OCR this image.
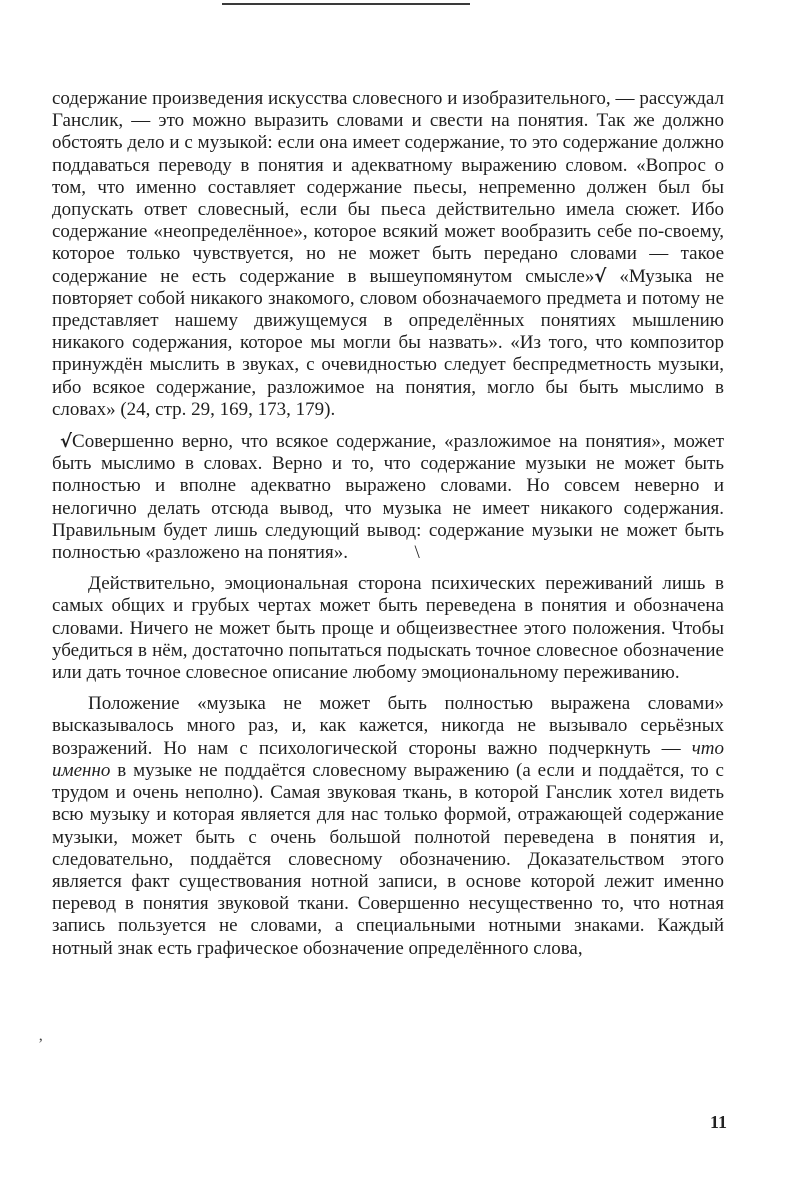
содержание произведения искусства словесного и изобразительного, — рассуждал Ганслик, — это можно выразить словами и свести на понятия. Так же должно обстоять дело и с музыкой: если она имеет содержание, то это содержание должно поддаваться переводу в понятия и адекватному выражению словом. «Вопрос о том, что именно составляет содержание пьесы, непременно должен был бы допускать ответ словесный, если бы пьеса действительно имела сюжет. Ибо содержание «неопределённое», которое всякий может вообразить себе по-своему, которое только чувствуется, но не может быть передано словами — такое содержание не есть содержание в вышеупомянутом смысле»√ «Музыка не повторяет собой никакого знакомого, словом обозначаемого предмета и потому не представляет нашему движущемуся в определённых понятиях мышлению никакого содержания, которое мы могли бы назвать». «Из того, что композитор принуждён мыслить в звуках, с очевидностью следует беспредметность музыки, ибо всякое содержание, разложимое на понятия, могло бы быть мыслимо в словах» (24, стр. 29, 169, 173, 179).

√Совершенно верно, что всякое содержание, «разложимое на понятия», может быть мыслимо в словах. Верно и то, что содержание музыки не может быть полностью и вполне адекватно выражено словами. Но совсем неверно и нелогично делать отсюда вывод, что музыка не имеет никакого содержания. Правильным будет лишь следующий вывод: содержание музыки не может быть полностью «разложено на понятия».	\

Действительно, эмоциональная сторона психических переживаний лишь в самых общих и грубых чертах может быть переведена в понятия и обозначена словами. Ничего не может быть проще и общеизвестнее этого положения. Чтобы убедиться в нём, достаточно попытаться подыскать точное словесное обозначение или дать точное словесное описание любому эмоциональному переживанию.

Положение «музыка не может быть полностью выражена словами» высказывалось много раз, и, как кажется, никогда не вызывало серьёзных возражений. Но нам с психологической стороны важно подчеркнуть — что именно в музыке не поддаётся словесному выражению (а если и поддаётся, то с трудом и очень неполно). Самая звуковая ткань, в которой Ганслик хотел видеть всю музыку и которая является для нас только формой, отражающей содержание музыки, может быть с очень большой полнотой переведена в понятия и, следовательно, поддаётся словесному обозначению. Доказательством этого является факт существования нотной записи, в основе которой лежит именно перевод в понятия звуковой ткани. Совершенно несущественно то, что нотная запись пользуется не словами, а специальными нотными знаками. Каждый нотный знак есть графическое обозначение определённого слова,

’
11
